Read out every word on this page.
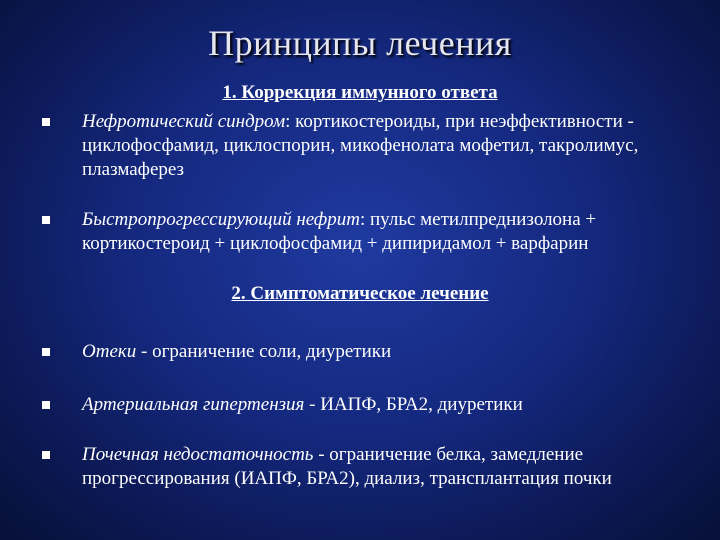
Принципы лечения
1. Коррекция иммунного ответа
Нефротический синдром: кортикостероиды, при неэффективности - циклофосфамид, циклоспорин, микофенолата мофетил, такролимус, плазмаферез
Быстропрогрессирующий нефрит: пульс метилпреднизолона + кортикостероид + циклофосфамид + дипиридамол + варфарин
2. Симптоматическое лечение
Отеки - ограничение соли, диуретики
Артериальная гипертензия - ИАПФ, БРА2, диуретики
Почечная недостаточность - ограничение белка, замедление прогрессирования (ИАПФ, БРА2), диализ, трансплантация почки
